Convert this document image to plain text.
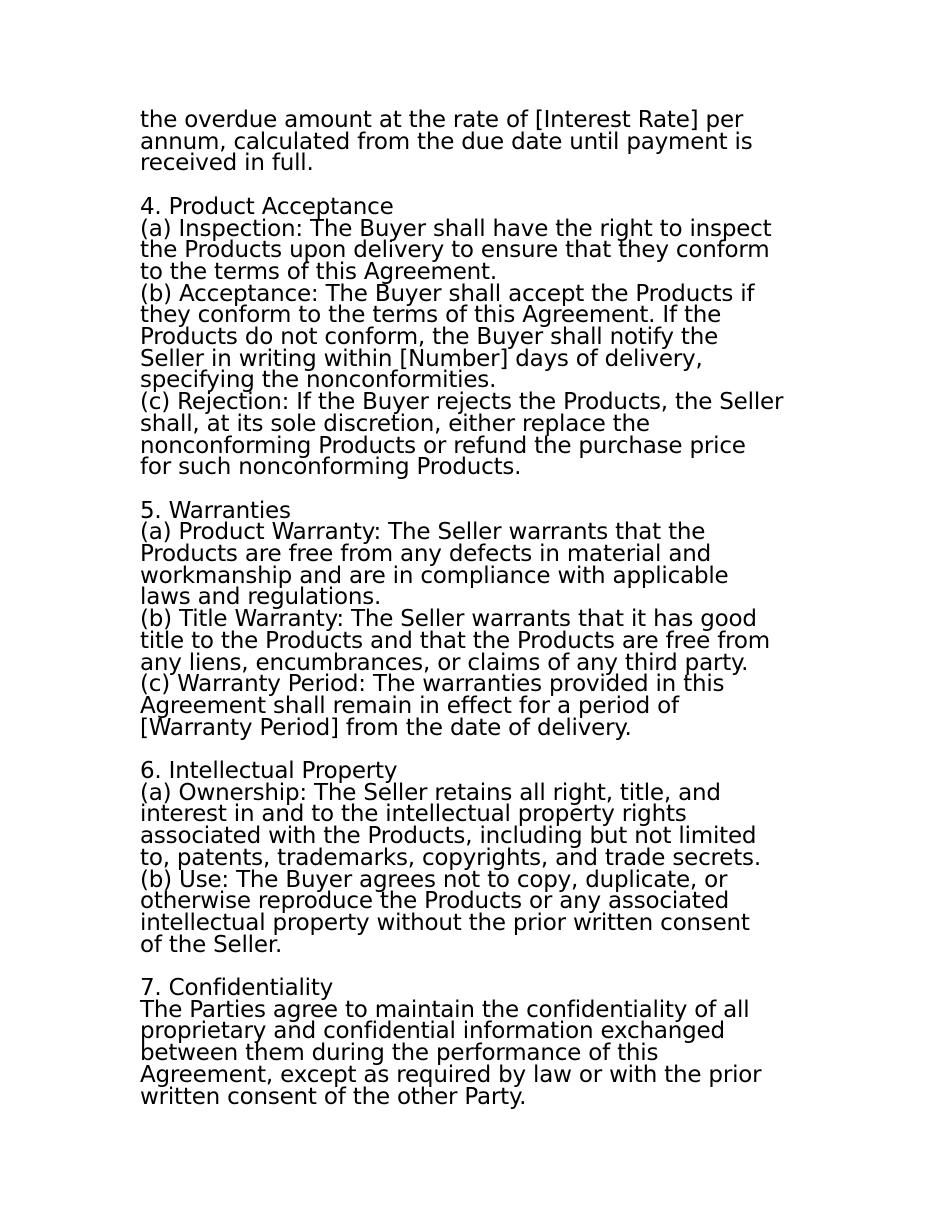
the overdue amount at the rate of [Interest Rate] per
annum, calculated from the due date until payment is
received in full.
4. Product Acceptance
(a) Inspection: The Buyer shall have the right to inspect
the Products upon delivery to ensure that they conform
to the terms of this Agreement.
(b) Acceptance: The Buyer shall accept the Products if
they conform to the terms of this Agreement. If the
Products do not conform, the Buyer shall notify the
Seller in writing within [Number] days of delivery,
specifying the nonconformities.
(c) Rejection: If the Buyer rejects the Products, the Seller
shall, at its sole discretion, either replace the
nonconforming Products or refund the purchase price
for such nonconforming Products.
5. Warranties
(a) Product Warranty: The Seller warrants that the
Products are free from any defects in material and
workmanship and are in compliance with applicable
laws and regulations.
(b) Title Warranty: The Seller warrants that it has good
title to the Products and that the Products are free from
any liens, encumbrances, or claims of any third party.
(c) Warranty Period: The warranties provided in this
Agreement shall remain in effect for a period of
[Warranty Period] from the date of delivery.
6. Intellectual Property
(a) Ownership: The Seller retains all right, title, and
interest in and to the intellectual property rights
associated with the Products, including but not limited
to, patents, trademarks, copyrights, and trade secrets.
(b) Use: The Buyer agrees not to copy, duplicate, or
otherwise reproduce the Products or any associated
intellectual property without the prior written consent
of the Seller.
7. Confidentiality
The Parties agree to maintain the confidentiality of all
proprietary and confidential information exchanged
between them during the performance of this
Agreement, except as required by law or with the prior
written consent of the other Party.
